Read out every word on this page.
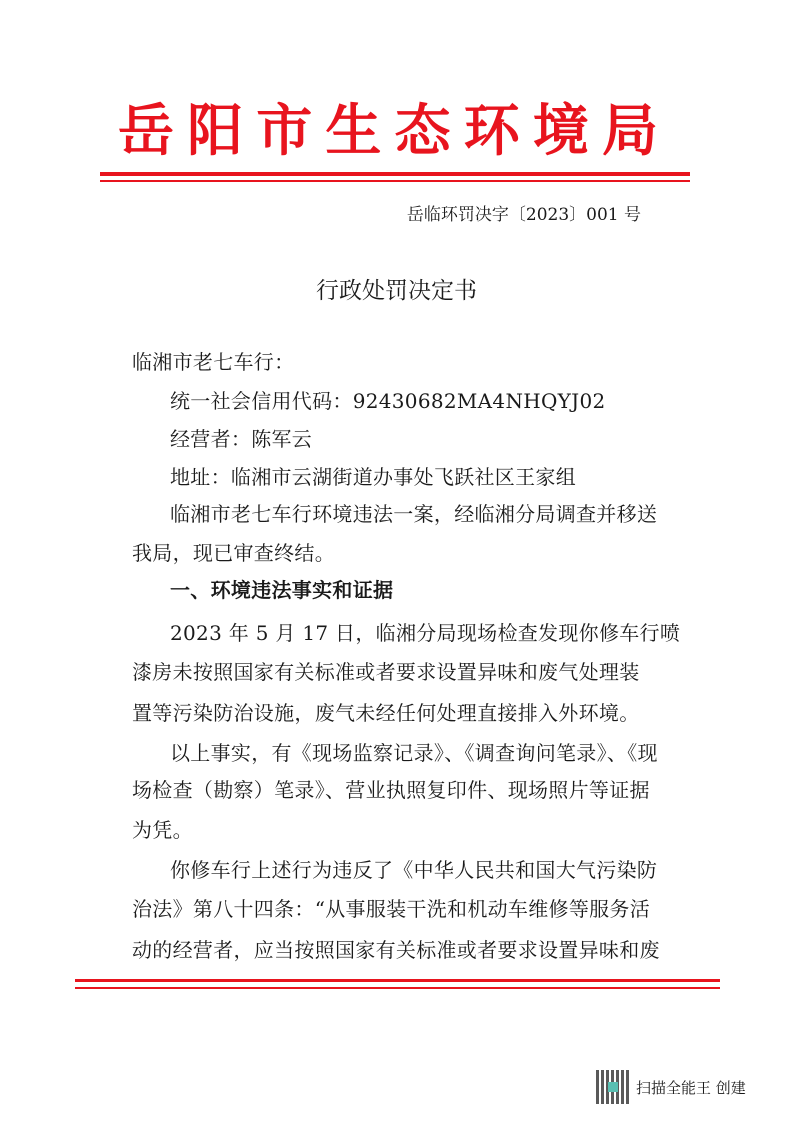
岳 阳 市 生 态 环 境 局
岳临环罚决字〔2023〕001 号
行政处罚决定书
临湘市老七车行：
统一社会信用代码：92430682MA4NHQYJ02
经营者：陈军云
地址：临湘市云湖街道办事处飞跃社区王家组
临湘市老七车行环境违法一案，经临湘分局调查并移送
我局，现已审查终结。
一、环境违法事实和证据
2023 年 5 月 17 日，临湘分局现场检查发现你修车行喷
漆房未按照国家有关标准或者要求设置异味和废气处理装
置等污染防治设施，废气未经任何处理直接排入外环境。
以上事实，有《现场监察记录》、《调查询问笔录》、《现
场检查（勘察）笔录》、营业执照复印件、现场照片等证据
为凭。
你修车行上述行为违反了《中华人民共和国大气污染防
治法》第八十四条：“从事服装干洗和机动车维修等服务活
动的经营者，应当按照国家有关标准或者要求设置异味和废
扫描全能王 创建
